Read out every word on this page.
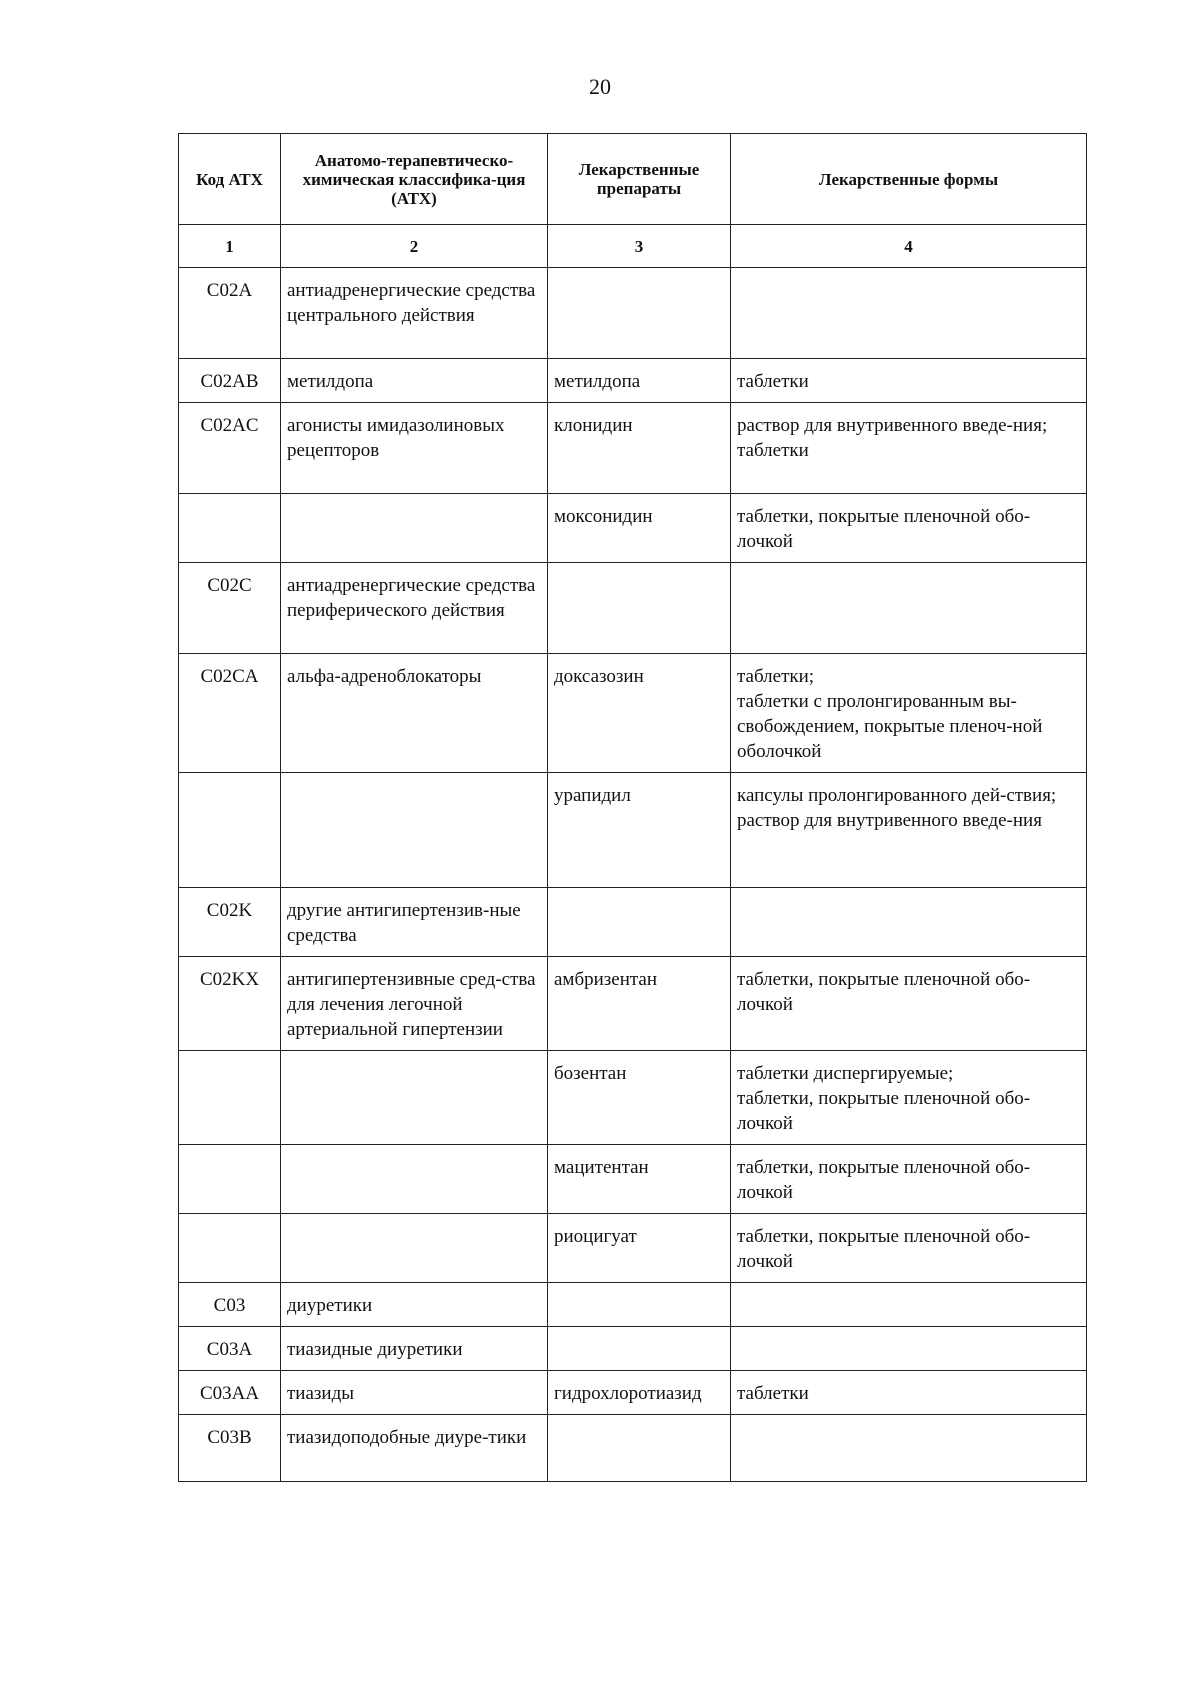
20
Код АТХ	Анатомо-терапевтическо-химическая классифика-ция (АТХ)	Лекарственные препараты	Лекарственные формы
1	2	3	4
C02A	антиадренергические средства центрального действия		
C02AB	метилдопа	метилдопа	таблетки

C02AC	агонисты имидазолиновых рецепторов	клонидин	раствор для внутривенного введе-ния;
таблетки

		моксонидин	таблетки, покрытые пленочной обо-лочкой

C02C	антиадренергические средства периферического действия		
C02CA	альфа-адреноблокаторы	доксазозин	таблетки;
таблетки с пролонгированным вы-свобождением, покрытые пленоч-ной оболочкой

		урапидил	капсулы пролонгированного дей-ствия;
раствор для внутривенного введе-ния

C02K	другие антигипертензив-ные средства		
C02KX	антигипертензивные сред-ства для лечения легочной артериальной гипертензии	амбризентан	таблетки, покрытые пленочной обо-лочкой

		бозентан	таблетки диспергируемые;
таблетки, покрытые пленочной обо-лочкой

		мацитентан	таблетки, покрытые пленочной обо-лочкой

		риоцигуат	таблетки, покрытые пленочной обо-лочкой

C03	диуретики		
C03A	тиазидные диуретики		
C03AA	тиазиды	гидрохлоротиазид	таблетки

C03B	тиазидоподобные диуре-тики		
